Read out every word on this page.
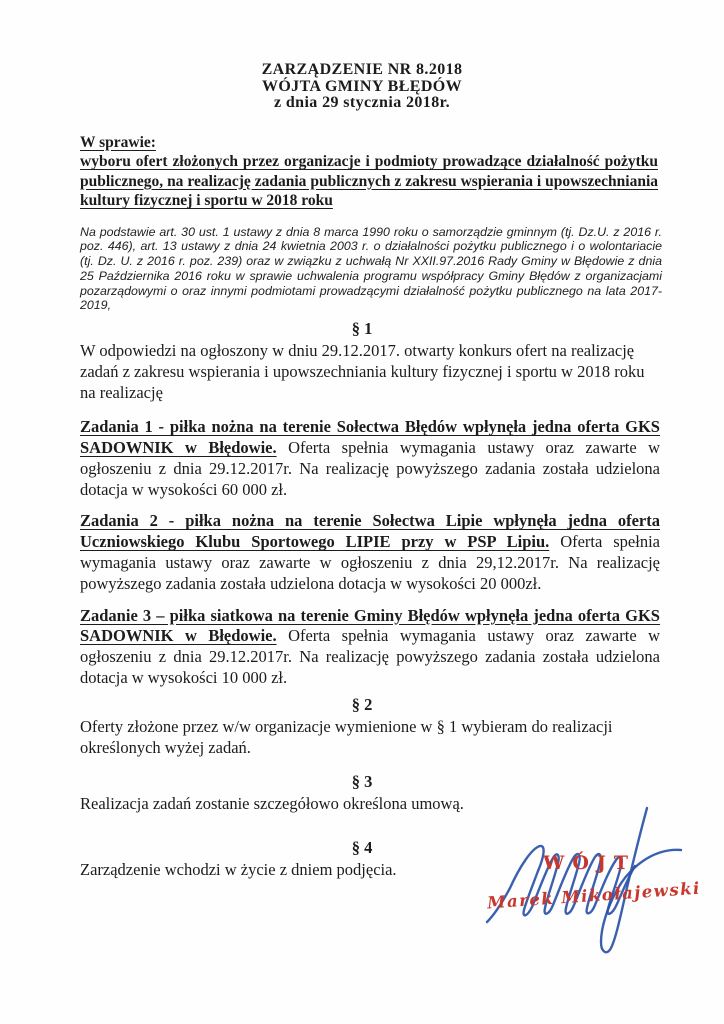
ZARZĄDZENIE NR 8.2018
WÓJTA GMINY BŁĘDÓW
z dnia 29 stycznia 2018r.
W sprawie:
wyboru ofert złożonych przez organizacje i podmioty prowadzące działalność pożytku publicznego, na realizację zadania publicznych z zakresu wspierania i upowszechniania kultury fizycznej i sportu w 2018 roku

Na podstawie art. 30 ust. 1 ustawy z dnia 8 marca 1990 roku o samorządzie gminnym (tj. Dz.U. z 2016 r. poz. 446), art. 13 ustawy z dnia 24 kwietnia 2003 r. o działalności pożytku publicznego i o wolontariacie (tj. Dz. U. z 2016 r. poz. 239) oraz w związku z uchwałą Nr XXII.97.2016 Rady Gminy w Błędowie z dnia 25 Października 2016 roku w sprawie uchwalenia programu współpracy Gminy Błędów z organizacjami pozarządowymi o oraz innymi podmiotami prowadzącymi działalność pożytku publicznego na lata 2017-2019,

§ 1

W odpowiedzi na ogłoszony w dniu 29.12.2017. otwarty konkurs ofert na realizację zadań z zakresu wspierania i upowszechniania kultury fizycznej i sportu w 2018 roku na realizację

Zadania 1 - piłka nożna na terenie Sołectwa Błędów wpłynęła jedna oferta GKS SADOWNIK w Błędowie. Oferta spełnia wymagania ustawy oraz zawarte w ogłoszeniu z dnia 29.12.2017r. Na realizację powyższego zadania została udzielona dotacja w wysokości 60 000 zł.

Zadania 2 - piłka nożna na terenie Sołectwa Lipie wpłynęła jedna oferta Uczniowskiego Klubu Sportowego LIPIE przy w PSP Lipiu. Oferta spełnia wymagania ustawy oraz zawarte w ogłoszeniu z dnia 29,12.2017r. Na realizację powyższego zadania została udzielona dotacja w wysokości 20 000zł.

Zadanie 3 – piłka siatkowa na terenie Gminy Błędów wpłynęła jedna oferta GKS SADOWNIK w Błędowie. Oferta spełnia wymagania ustawy oraz zawarte w ogłoszeniu z dnia 29.12.2017r. Na realizację powyższego zadania została udzielona dotacja w wysokości 10 000 zł.

§ 2

Oferty złożone przez w/w organizacje wymienione w § 1 wybieram do realizacji określonych wyżej zadań.

§ 3

Realizacja zadań zostanie szczegółowo określona umową.

§ 4

Zarządzenie wchodzi w życie z dniem podjęcia.	WÓJT
Marek Mikołajewski
